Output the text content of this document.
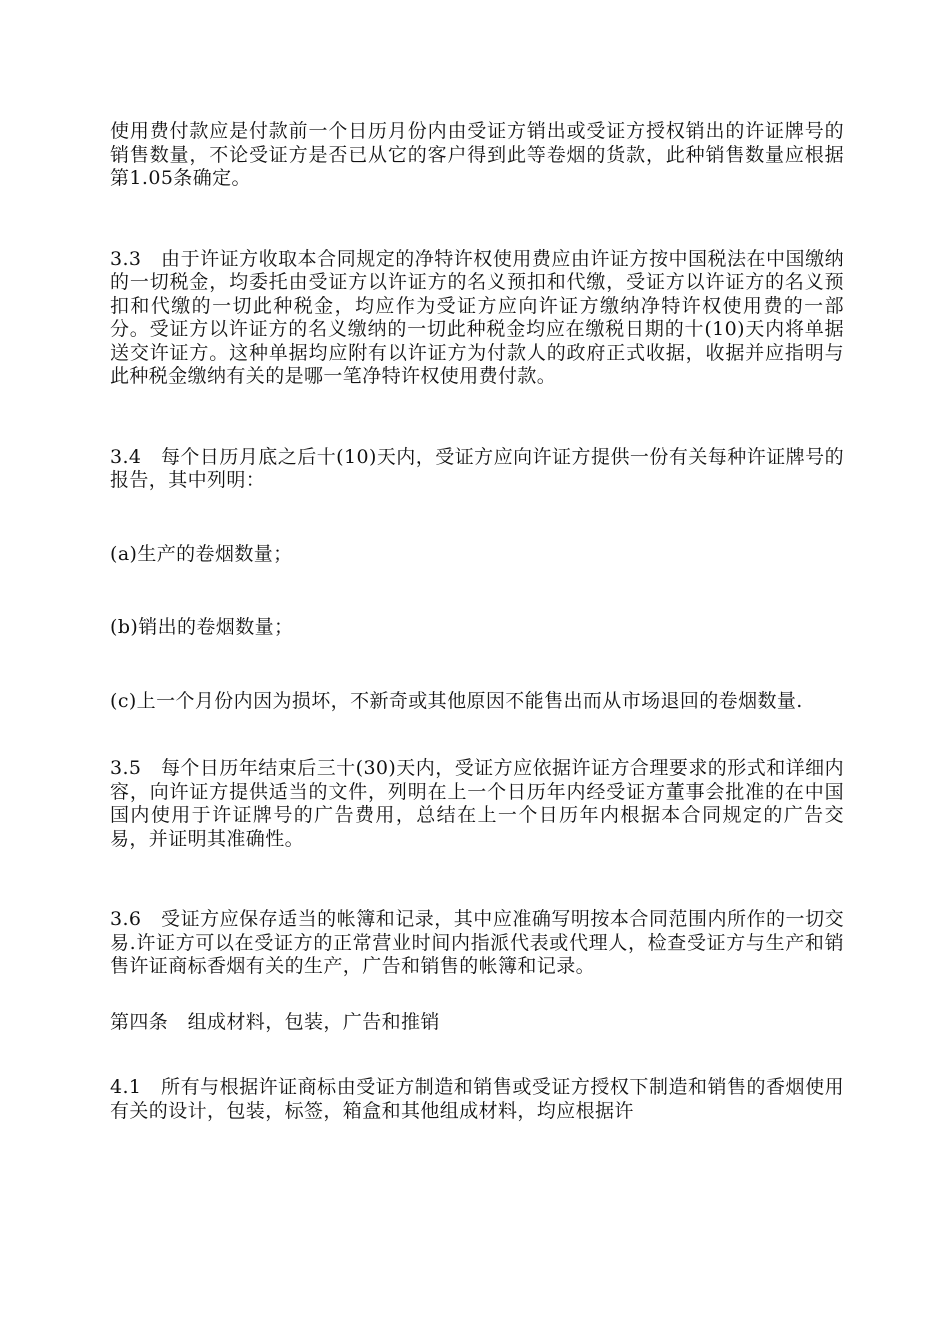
使用费付款应是付款前一个日历月份内由受证方销出或受证方授权销出的许证牌号的销售数量，不论受证方是否已从它的客户得到此等卷烟的货款，此种销售数量应根据第1.05条确定。

3.3　由于许证方收取本合同规定的净特许权使用费应由许证方按中国税法在中国缴纳的一切税金，均委托由受证方以许证方的名义预扣和代缴，受证方以许证方的名义预扣和代缴的一切此种税金，均应作为受证方应向许证方缴纳净特许权使用费的一部分。受证方以许证方的名义缴纳的一切此种税金均应在缴税日期的十(10)天内将单据送交许证方。这种单据均应附有以许证方为付款人的政府正式收据，收据并应指明与此种税金缴纳有关的是哪一笔净特许权使用费付款。

3.4　每个日历月底之后十(10)天内，受证方应向许证方提供一份有关每种许证牌号的报告，其中列明：

(a)生产的卷烟数量；

(b)销出的卷烟数量；

(c)上一个月份内因为损坏，不新奇或其他原因不能售出而从市场退回的卷烟数量.

3.5　每个日历年结束后三十(30)天内，受证方应依据许证方合理要求的形式和详细内容，向许证方提供适当的文件，列明在上一个日历年内经受证方董事会批准的在中国国内使用于许证牌号的广告费用，总结在上一个日历年内根据本合同规定的广告交易，并证明其准确性。

3.6　受证方应保存适当的帐簿和记录，其中应准确写明按本合同范围内所作的一切交易.许证方可以在受证方的正常营业时间内指派代表或代理人，检查受证方与生产和销售许证商标香烟有关的生产，广告和销售的帐簿和记录。

第四条　组成材料，包装，广告和推销

4.1　所有与根据许证商标由受证方制造和销售或受证方授权下制造和销售的香烟使用有关的设计，包装，标签，箱盒和其他组成材料，均应根据许
